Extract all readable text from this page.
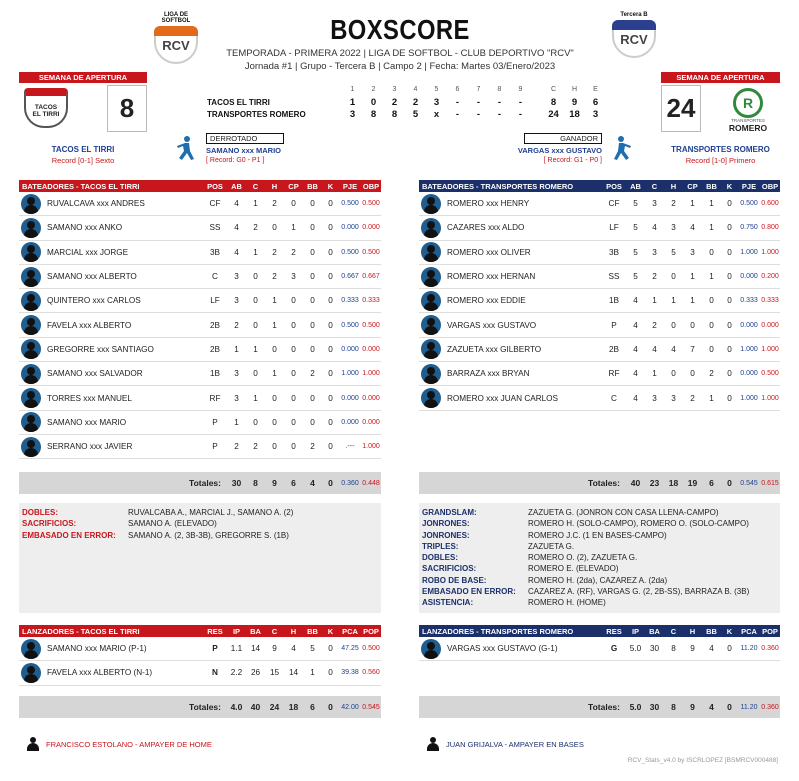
LIGA DE SOFTBOL
RCV
Tercera B
RCV
BOXSCORE
TEMPORADA - PRIMERA 2022 | LIGA DE SOFTBOL - CLUB DEPORTIVO "RCV"
Jornada #1 | Grupo - Tercera B | Campo 2 | Fecha: Martes 03/Enero/2023
SEMANA DE APERTURA
TACOS
EL TIRRI	8
TACOS EL TIRRI
Record [0-1] Sexto
SEMANA DE APERTURA
24	R
TRANSPORTES
ROMERO
TRANSPORTES ROMERO
Record [1-0] Primero
1	2	3	4	5	6	7	8	9	C	H	E
TACOS EL TIRRI	1	0	2	2	3	-	-	-	-	8	9	6
TRANSPORTES ROMERO	3	8	8	5	x	-	-	-	-	24	18	3
DERROTADO
SAMANO xxx MARIO
[ Record: G0 - P1 ]
GANADOR
VARGAS xxx GUSTAVO
[ Record: G1 - P0 ]
BATEADORES - TACOS EL TIRRI	POS	AB	C	H	CP	BB	K	PJE OBP
RUVALCAVA xxx ANDRES	CF	4	1	2	0	0	0	0.500 0.500
SAMANO xxx ANKO	SS	4	2	0	1	0	0	0.000 0.000
MARCIAL xxx JORGE	3B	4	1	2	2	0	0	0.500 0.500
SAMANO xxx ALBERTO	C	3	0	2	3	0	0	0.667 0.667
QUINTERO xxx CARLOS	LF	3	0	1	0	0	0	0.333 0.333
FAVELA xxx ALBERTO	2B	2	0	1	0	0	0	0.500 0.500
GREGORRE xxx SANTIAGO	2B	1	1	0	0	0	0	0.000 0.000
SAMANO xxx SALVADOR	1B	3	0	1	0	2	0	1.000 1.000
TORRES xxx MANUEL	RF	3	1	0	0	0	0	0.000 0.000
SAMANO xxx MARIO	P	1	0	0	0	0	0	0.000 0.000
SERRANO xxx JAVIER	P	2	2	0	0	2	0	.---	1.000
Totales:	30	8	9	6	4	0	0.360 0.448
BATEADORES - TRANSPORTES ROMERO	POS	AB	C	H	CP	BB	K	PJE OBP
ROMERO xxx HENRY	CF	5	3	2	1	1	0	0.500 0.600
CAZARES xxx ALDO	LF	5	4	3	4	1	0	0.750 0.800
ROMERO xxx OLIVER	3B	5	3	5	3	0	0	1.000 1.000
ROMERO xxx HERNAN	SS	5	2	0	1	1	0	0.000 0.200
ROMERO xxx EDDIE	1B	4	1	1	1	0	0	0.333 0.333
VARGAS xxx GUSTAVO	P	4	2	0	0	0	0	0.000 0.000
ZAZUETA xxx GILBERTO	2B	4	4	4	7	0	0	1.000 1.000
BARRAZA xxx BRYAN	RF	4	1	0	0	2	0	0.000 0.500
ROMERO xxx JUAN CARLOS	C	4	3	3	2	1	0	1.000 1.000
Totales:	40	23	18	19	6	0	0.545 0.615
DOBLES:	RUVALCABA A., MARCIAL J., SAMANO A. (2)
SACRIFICIOS:	SAMANO A. (ELEVADO)
EMBASADO EN ERROR:	SAMANO A. (2, 3B-3B), GREGORRE S. (1B)
GRANDSLAM:	ZAZUETA G. (JONRON CON CASA LLENA-CAMPO)
JONRONES:	ROMERO H. (SOLO-CAMPO), ROMERO O. (SOLO-CAMPO)
JONRONES:	ROMERO J.C. (1 EN BASES-CAMPO)
TRIPLES:	ZAZUETA G.
DOBLES:	ROMERO O. (2), ZAZUETA G.
SACRIFICIOS:	ROMERO E. (ELEVADO)
ROBO DE BASE:	ROMERO H. (2da), CAZAREZ A. (2da)
EMBASADO EN ERROR:	CAZAREZ A. (RF), VARGAS G. (2, 2B-SS), BARRAZA B. (3B)
ASISTENCIA:	ROMERO H. (HOME)
LANZADORES - TACOS EL TIRRI	RES	IP	BA	C	H	BB	K	PCA POP
SAMANO xxx MARIO (P-1)	P	1.1	14	9	4	5	0	47.25 0.500
FAVELA xxx ALBERTO (N-1)	N	2.2	26	15	14	1	0	39.38 0.560
Totales:	4.0 40	24	18	6	0	42.00 0.545
LANZADORES - TRANSPORTES ROMERO	RES	IP	BA	C	H	BB	K	PCA POP
VARGAS xxx GUSTAVO (G-1)	G	5.0	30	8	9	4	0	11.20 0.360
Totales:	5.0 30	8	9	4	0	11.20 0.360
FRANCISCO ESTOLANO - AMPAYER DE HOME	JUAN GRIJALVA - AMPAYER EN BASES
RCV_Stats_v4.0 by ISCRLOPEZ [BSMRCV000488]
